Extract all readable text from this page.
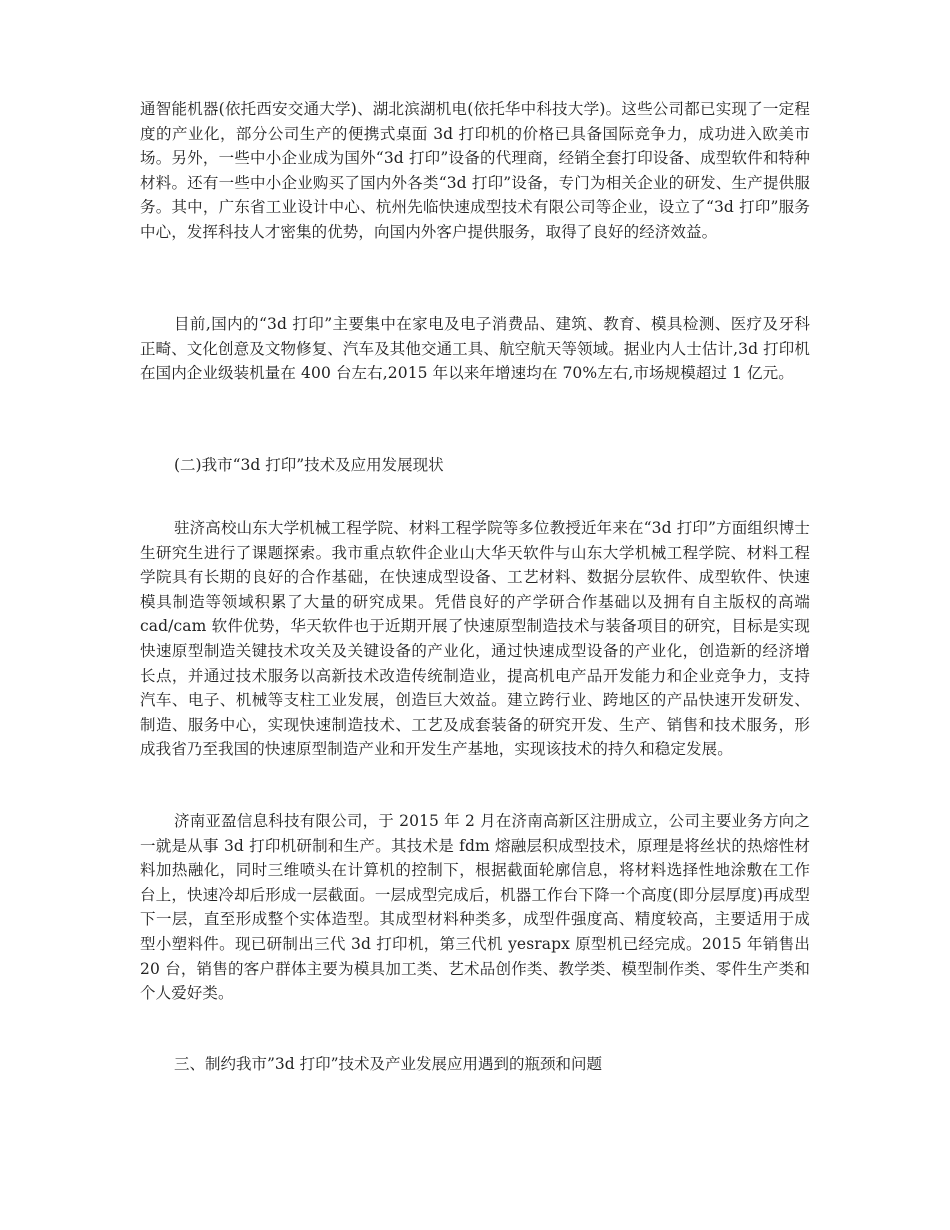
通智能机器(依托西安交通大学)、湖北滨湖机电(依托华中科技大学)。这些公司都已实现了一定程度的产业化，部分公司生产的便携式桌面 3d 打印机的价格已具备国际竞争力，成功进入欧美市场。另外，一些中小企业成为国外“3d 打印”设备的代理商，经销全套打印设备、成型软件和特种材料。还有一些中小企业购买了国内外各类“3d 打印”设备，专门为相关企业的研发、生产提供服务。其中，广东省工业设计中心、杭州先临快速成型技术有限公司等企业，设立了“3d 打印”服务中心，发挥科技人才密集的优势，向国内外客户提供服务，取得了良好的经济效益。

目前,国内的“3d 打印”主要集中在家电及电子消费品、建筑、教育、模具检测、医疗及牙科正畸、文化创意及文物修复、汽车及其他交通工具、航空航天等领域。据业内人士估计,3d 打印机在国内企业级装机量在 400 台左右,2015 年以来年增速均在 70%左右,市场规模超过 1 亿元。

(二)我市“3d 打印”技术及应用发展现状

驻济高校山东大学机械工程学院、材料工程学院等多位教授近年来在“3d 打印”方面组织博士生研究生进行了课题探索。我市重点软件企业山大华天软件与山东大学机械工程学院、材料工程学院具有长期的良好的合作基础，在快速成型设备、工艺材料、数据分层软件、成型软件、快速模具制造等领域积累了大量的研究成果。凭借良好的产学研合作基础以及拥有自主版权的高端 cad/cam 软件优势，华天软件也于近期开展了快速原型制造技术与装备项目的研究，目标是实现快速原型制造关键技术攻关及关键设备的产业化，通过快速成型设备的产业化，创造新的经济增长点，并通过技术服务以高新技术改造传统制造业，提高机电产品开发能力和企业竞争力，支持汽车、电子、机械等支柱工业发展，创造巨大效益。建立跨行业、跨地区的产品快速开发研发、制造、服务中心，实现快速制造技术、工艺及成套装备的研究开发、生产、销售和技术服务，形成我省乃至我国的快速原型制造产业和开发生产基地，实现该技术的持久和稳定发展。

济南亚盈信息科技有限公司，于 2015 年 2 月在济南高新区注册成立，公司主要业务方向之一就是从事 3d 打印机研制和生产。其技术是 fdm 熔融层积成型技术，原理是将丝状的热熔性材料加热融化，同时三维喷头在计算机的控制下，根据截面轮廓信息，将材料选择性地涂敷在工作台上，快速冷却后形成一层截面。一层成型完成后，机器工作台下降一个高度(即分层厚度)再成型下一层，直至形成整个实体造型。其成型材料种类多，成型件强度高、精度较高，主要适用于成型小塑料件。现已研制出三代 3d 打印机，第三代机 yesrapx 原型机已经完成。2015 年销售出 20 台，销售的客户群体主要为模具加工类、艺术品创作类、教学类、模型制作类、零件生产类和个人爱好类。

三、制约我市”3d 打印”技术及产业发展应用遇到的瓶颈和问题
